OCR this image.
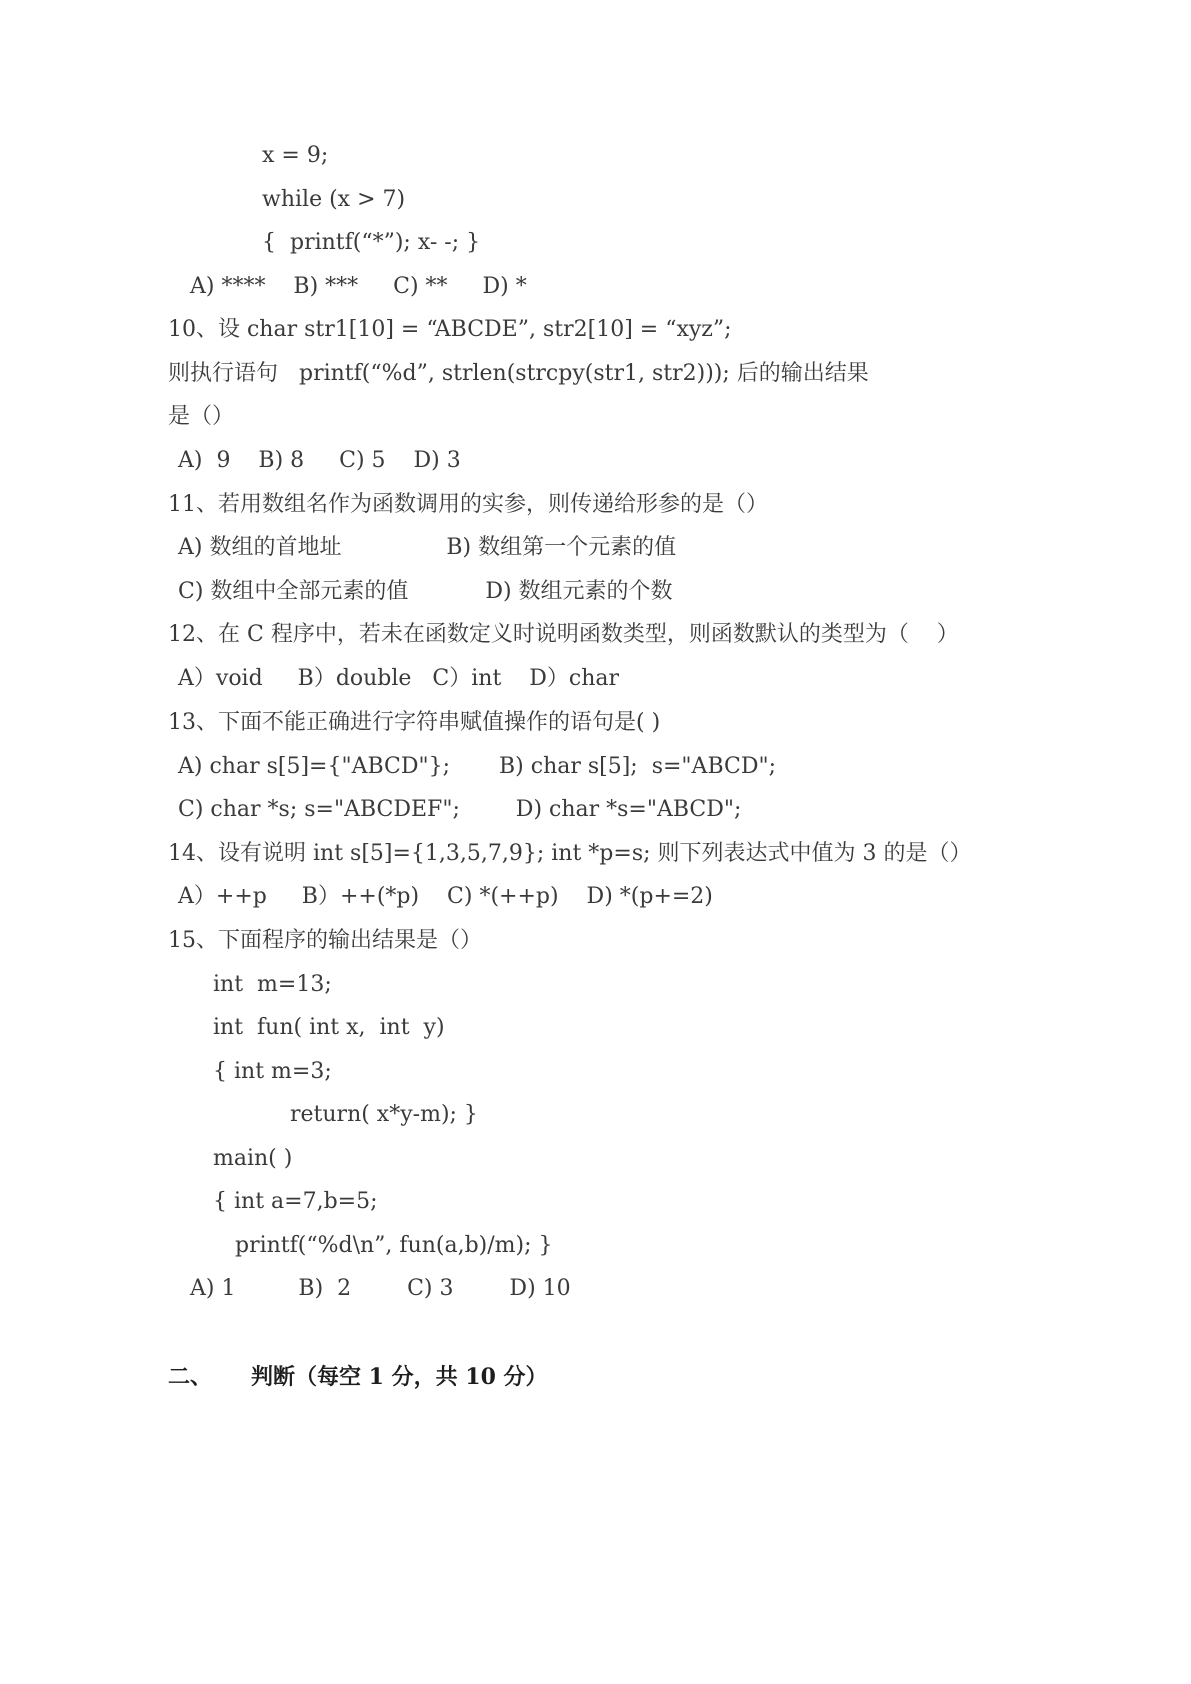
x = 9;
while (x > 7)
{  printf(“*”); x- -; }
A) ****    B) ***     C) **     D) *
10、设 char str1[10] = “ABCDE”, str2[10] = “xyz”;
则执行语句   printf(“%d”, strlen(strcpy(str1, str2))); 后的输出结果
是（）
A)  9    B) 8     C) 5    D) 3
11、若用数组名作为函数调用的实参，则传递给形参的是（）
A) 数组的首地址               B) 数组第一个元素的值
C) 数组中全部元素的值           D) 数组元素的个数
12、在 C 程序中，若未在函数定义时说明函数类型，则函数默认的类型为（    ）
A）void     B）double   C）int    D）char
13、下面不能正确进行字符串赋值操作的语句是( )
A) char s[5]={"ABCD"};       B) char s[5];  s="ABCD";
C) char *s; s="ABCDEF";        D) char *s="ABCD";
14、设有说明 int s[5]={1,3,5,7,9}; int *p=s; 则下列表达式中值为 3 的是（）
A）++p     B）++(*p)    C) *(++p)    D) *(p+=2)
15、下面程序的输出结果是（）
int  m=13;
int  fun( int x,  int  y)
{ int m=3;
return( x*y-m); }
main( )
{ int a=7,b=5;
printf(“%d\n”, fun(a,b)/m); }
A) 1         B)  2        C) 3        D) 10
二、 判断（每空 1 分，共 10 分）
